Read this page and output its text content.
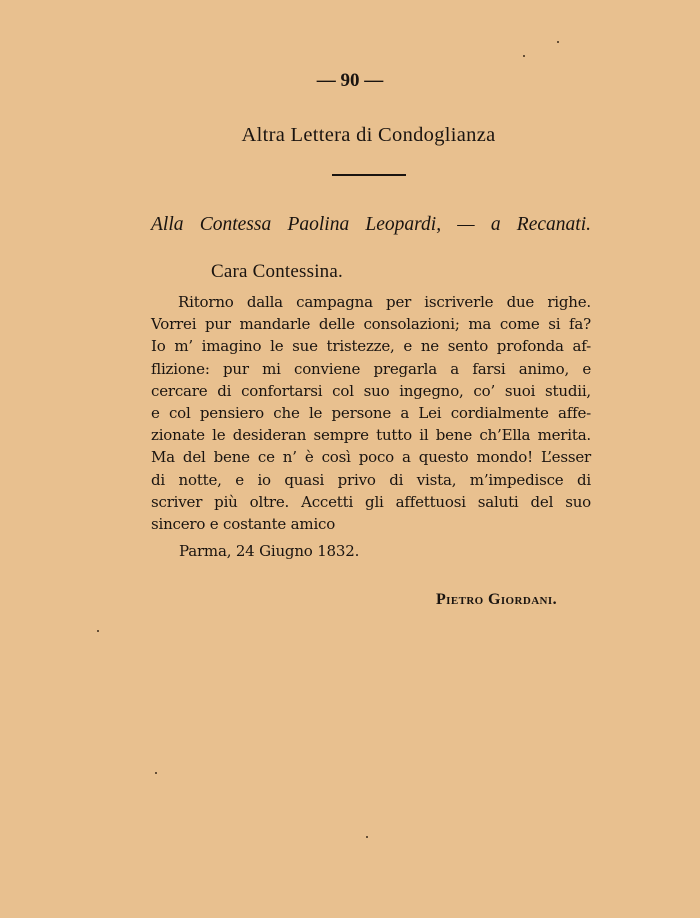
— 90 —
Altra Lettera di Condoglianza
Alla Contessa Paolina Leopardi, — a Recanati.
Cara Contessina.
Ritorno dalla campagna per iscriverle due righe.
Vorrei pur mandarle delle consolazioni; ma come si fa?
Io m’ imagino le sue tristezze, e ne sento profonda af-
flizione: pur mi conviene pregarla a farsi animo, e
cercare di confortarsi col suo ingegno, co’ suoi studii,
e col pensiero che le persone a Lei cordialmente affe-
zionate le desideran sempre tutto il bene ch’Ella merita.
Ma del bene ce n’ è così poco a questo mondo! L’esser
di notte, e io quasi privo di vista, m’impedisce di
scriver più oltre. Accetti gli affettuosi saluti del suo
sincero e costante amico
Parma, 24 Giugno 1832.
Pietro Giordani.
